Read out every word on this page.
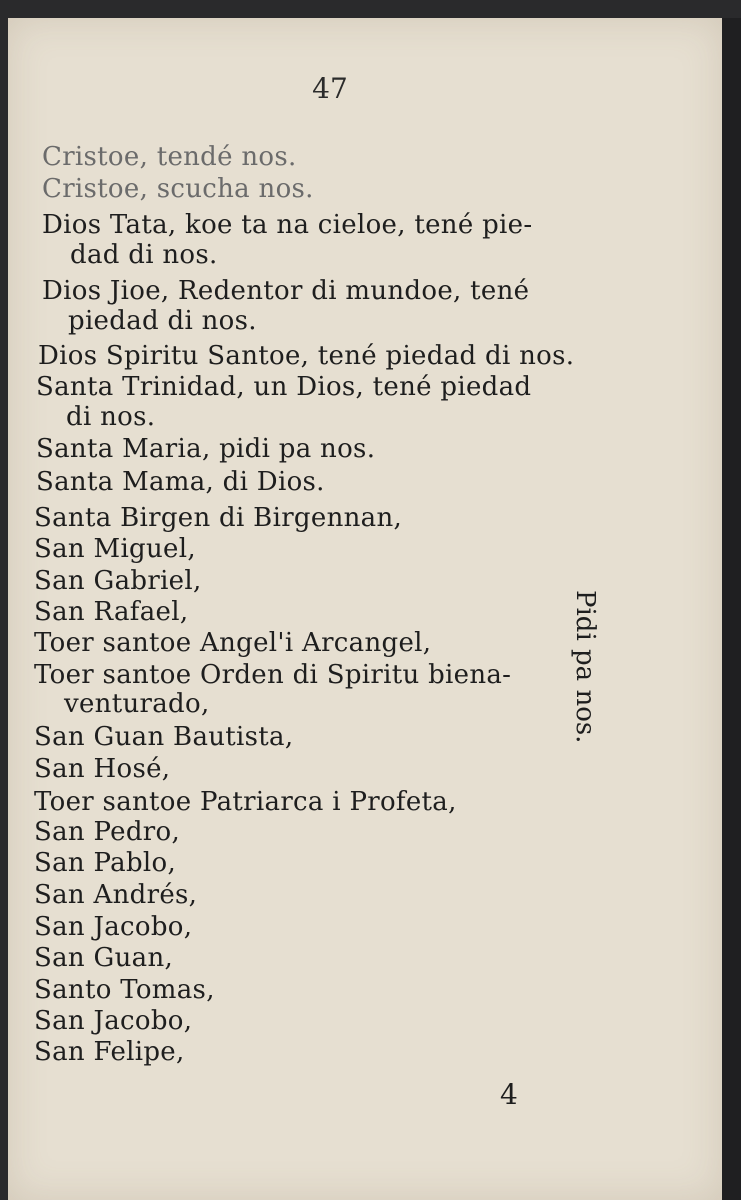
47
Cristoe, tendé nos.
Cristoe, scucha nos.
Dios Tata, koe ta na cieloe, tené pie-
dad di nos.
Dios Jioe, Redentor di mundoe, tené
piedad di nos.
Dios Spiritu Santoe, tené piedad di nos.
Santa Trinidad, un Dios, tené piedad
di nos.
Santa Maria, pidi pa nos.
Santa Mama, di Dios.
Santa Birgen di Birgennan,
San Miguel,
San Gabriel,
San Rafael,
Toer santoe Angel'i Arcangel,
Toer santoe Orden di Spiritu biena-
venturado,
San Guan Bautista,
San Hosé,
Toer santoe Patriarca i Profeta,
San Pedro,
San Pablo,
San Andrés,
San Jacobo,
San Guan,
Santo Tomas,
San Jacobo,
San Felipe,
Pidi pa nos.
4
